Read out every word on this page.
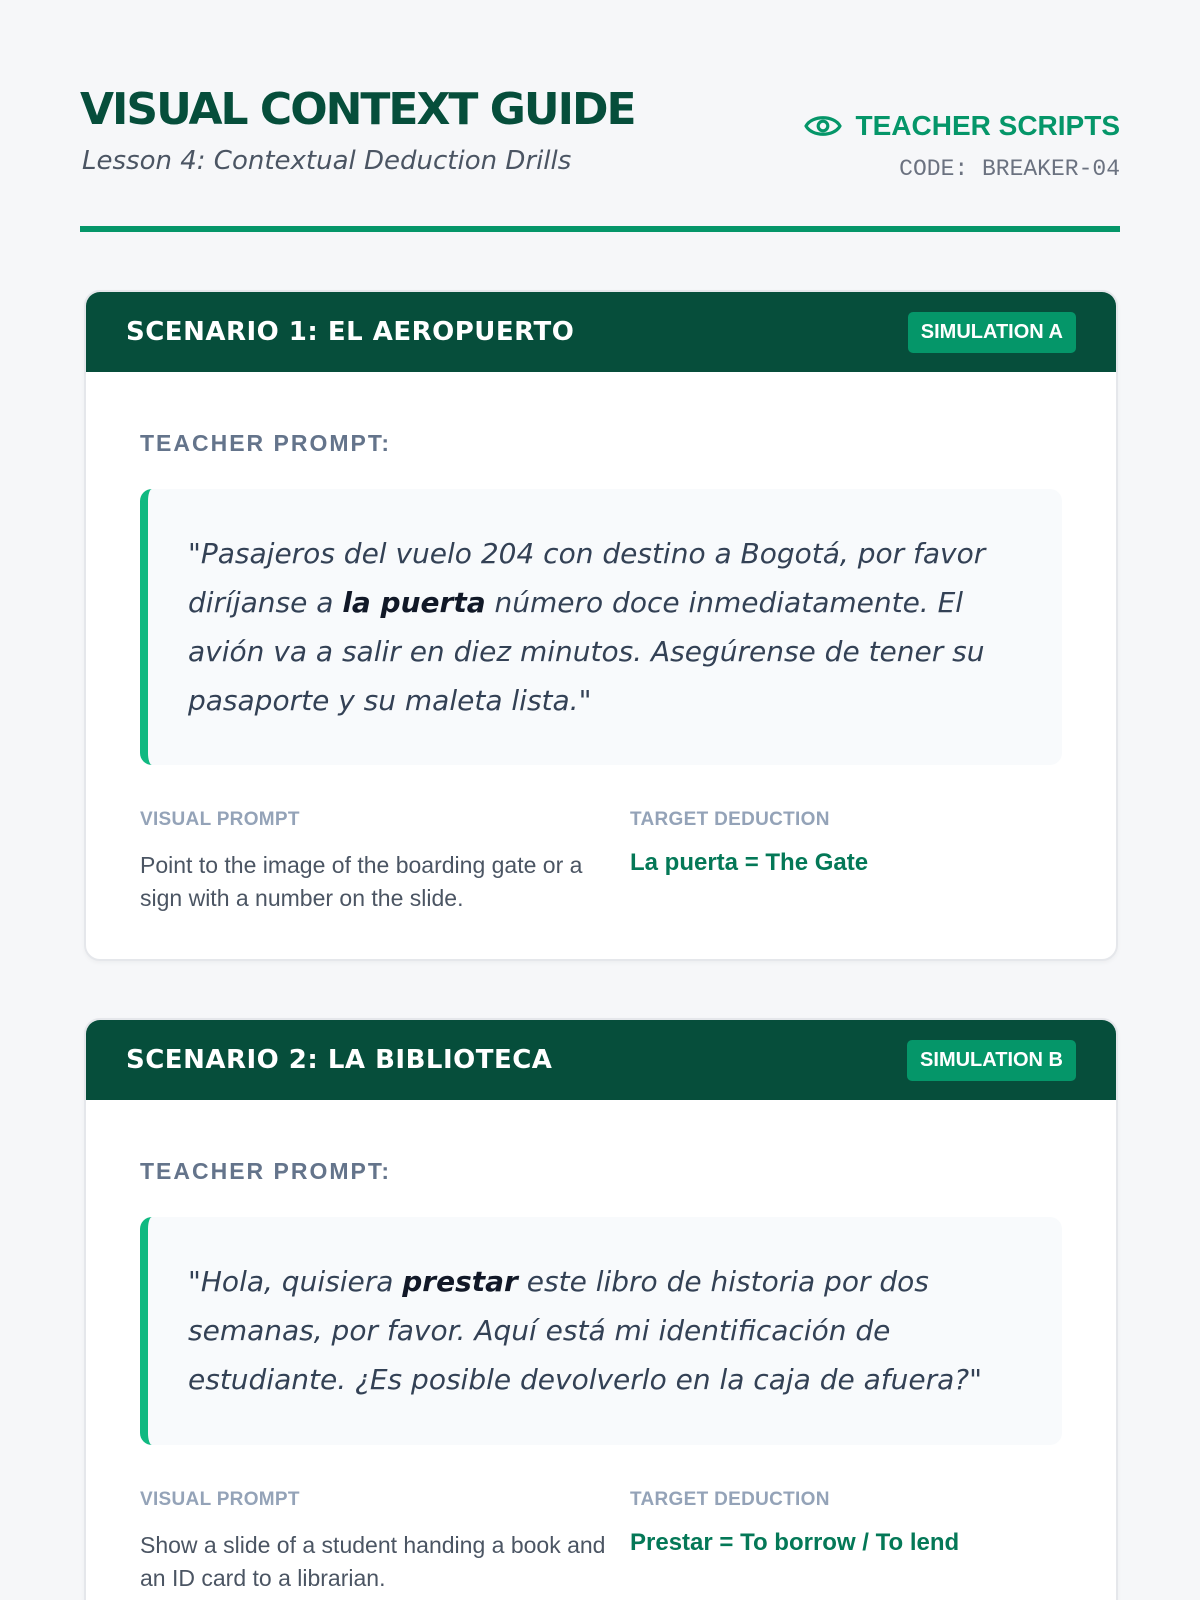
VISUAL CONTEXT GUIDE
Lesson 4: Contextual Deduction Drills
TEACHER SCRIPTS
CODE: BREAKER-04
SCENARIO 1: EL AEROPUERTO	SIMULATION A
TEACHER PROMPT:
"Pasajeros del vuelo 204 con destino a Bogotá, por favor diríjanse a la puerta número doce inmediatamente. El avión va a salir en diez minutos. Asegúrense de tener su pasaporte y su maleta lista."
VISUAL PROMPT
Point to the image of the boarding gate or a sign with a number on the slide.
TARGET DEDUCTION
La puerta = The Gate
SCENARIO 2: LA BIBLIOTECA	SIMULATION B
TEACHER PROMPT:
"Hola, quisiera prestar este libro de historia por dos semanas, por favor. Aquí está mi identificación de estudiante. ¿Es posible devolverlo en la caja de afuera?"
VISUAL PROMPT
Show a slide of a student handing a book and an ID card to a librarian.
TARGET DEDUCTION
Prestar = To borrow / To lend
